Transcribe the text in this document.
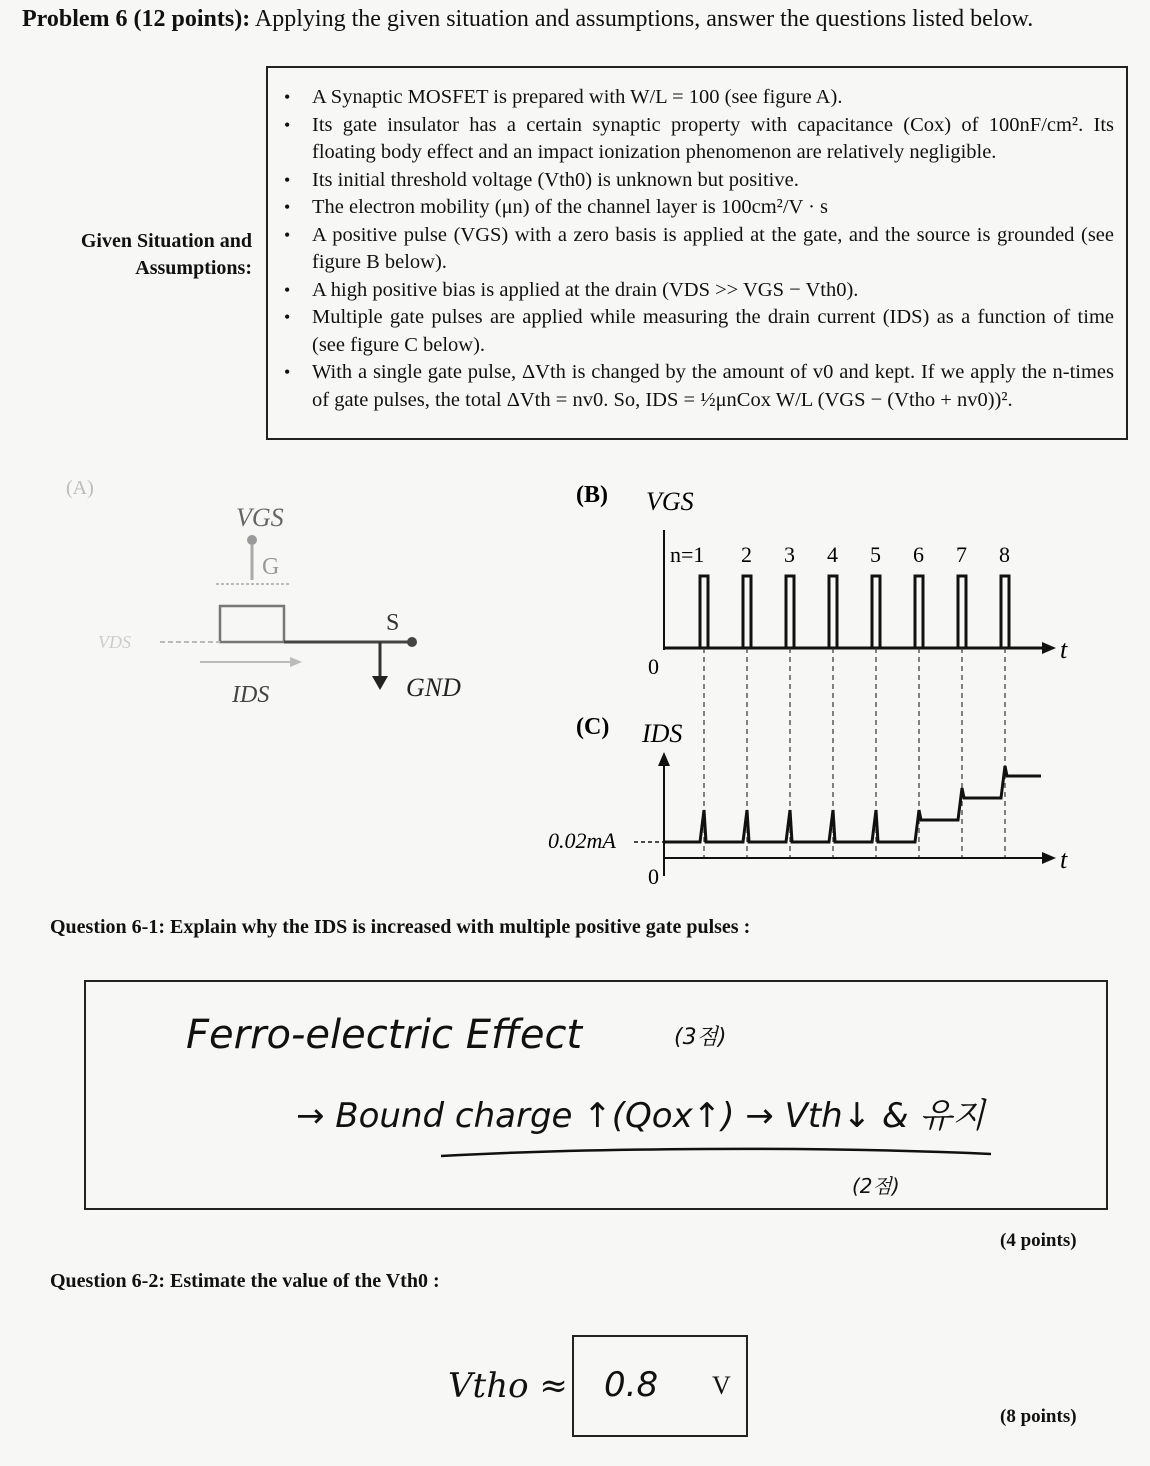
Problem 6 (12 points): Applying the given situation and assumptions, answer the questions listed below.
Given Situation and
Assumptions:
• A Synaptic MOSFET is prepared with W/L = 100 (see figure A).
• Its gate insulator has a certain synaptic property with capacitance (Cox) of 100nF/cm². Its floating body effect and an impact ionization phenomenon are relatively negligible.
• Its initial threshold voltage (Vth0) is unknown but positive.
• The electron mobility (μn) of the channel layer is 100cm²/V · s
• A positive pulse (VGS) with a zero basis is applied at the gate, and the source is grounded (see figure B below).
• A high positive bias is applied at the drain (VDS >> VGS − Vth0).
• Multiple gate pulses are applied while measuring the drain current (IDS) as a function of time (see figure C below).
• With a single gate pulse, ΔVth is changed by the amount of v0 and kept. If we apply the n-times of gate pulses, the total ΔVth = nv0. So, IDS = ½μnCox W/L (VGS − (Vtho + nv0))².
(A)
VGS
G
VDS
S
GND
IDS
(B) VGS
t
0
n=1 2 3 4 5 6 7 8
(C) IDS
t
0
0.02mA
Question 6-1: Explain why the IDS is increased with multiple positive gate pulses :
Ferro-electric Effect	(3점)
→ Bound charge ↑(Qox↑) → Vth↓ & 유지
(2점)
(4 points)
Question 6-2: Estimate the value of the Vth0 :
Vtho ≈ 0.8 V
(8 points)
